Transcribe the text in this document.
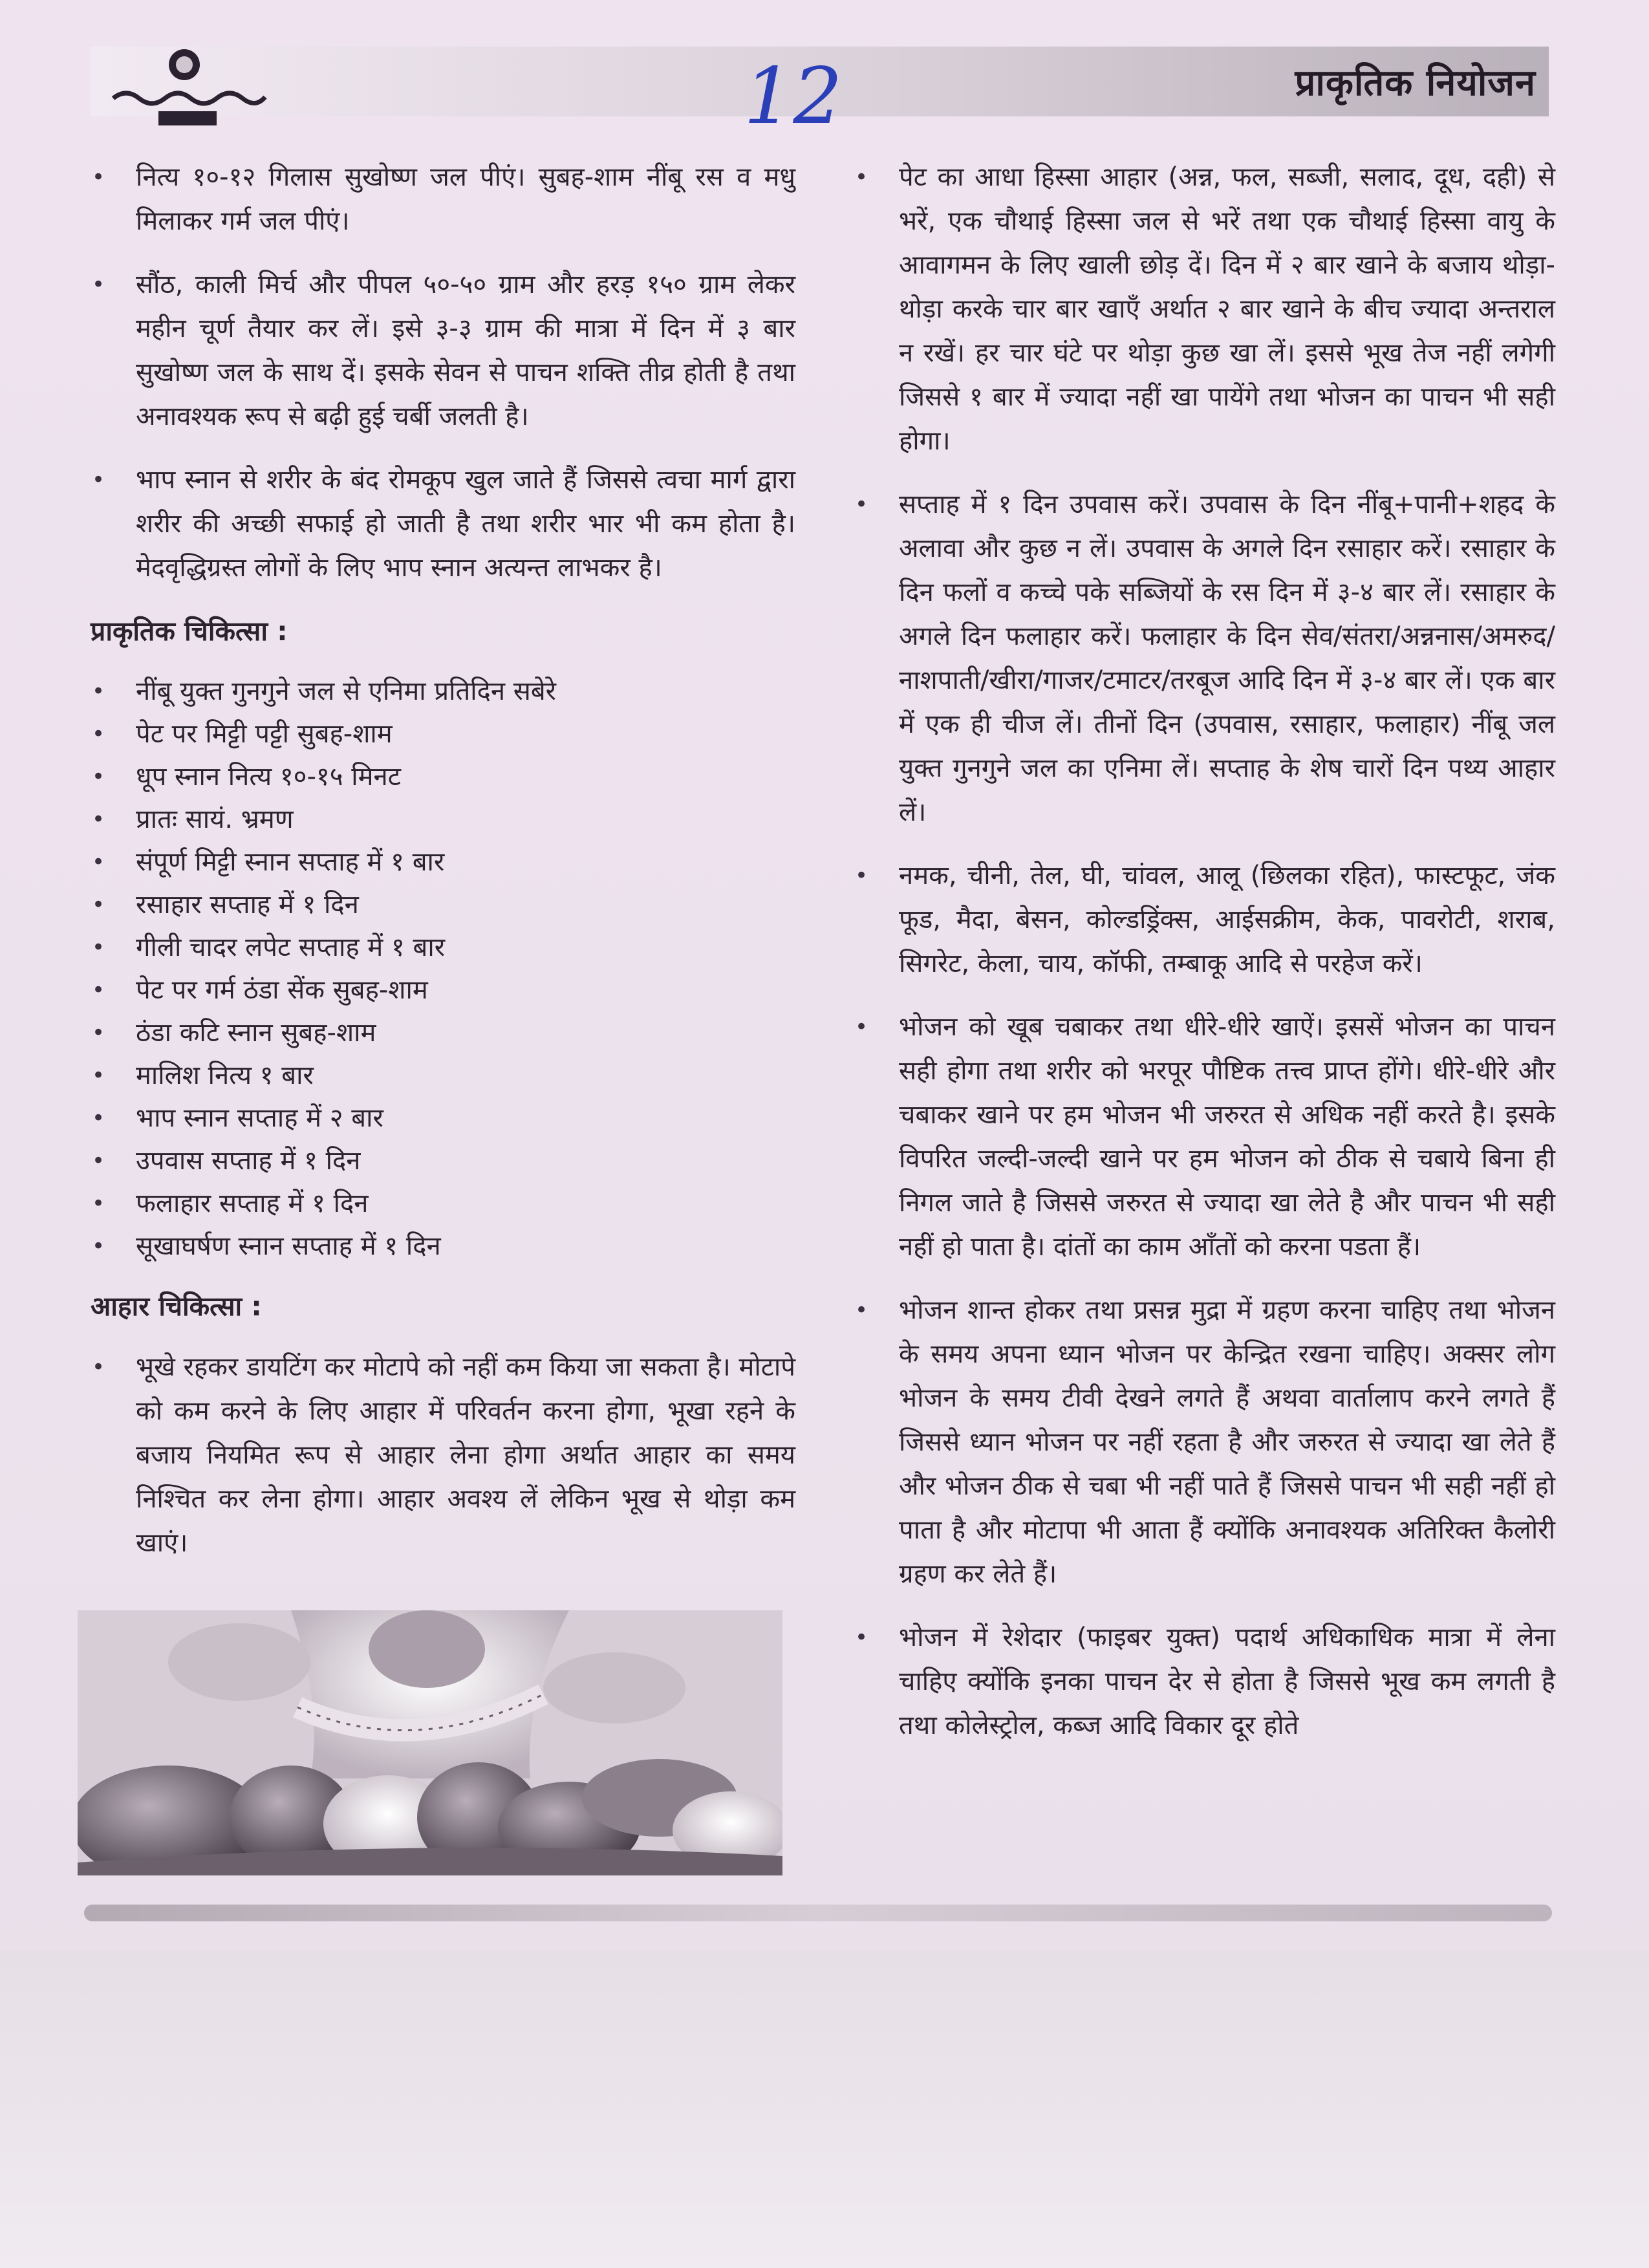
12	प्राकृतिक नियोजन
• नित्य १०-१२ गिलास सुखोष्ण जल पीएं। सुबह-शाम नींबू रस व मधु मिलाकर गर्म जल पीएं।
• सौंठ, काली मिर्च और पीपल ५०-५० ग्राम और हरड़ १५० ग्राम लेकर महीन चूर्ण तैयार कर लें। इसे ३-३ ग्राम की मात्रा में दिन में ३ बार सुखोष्ण जल के साथ दें। इसके सेवन से पाचन शक्ति तीव्र होती है तथा अनावश्यक रूप से बढ़ी हुई चर्बी जलती है।
• भाप स्नान से शरीर के बंद रोमकूप खुल जाते हैं जिससे त्वचा मार्ग द्वारा शरीर की अच्छी सफाई हो जाती है तथा शरीर भार भी कम होता है। मेदवृद्धिग्रस्त लोगों के लिए भाप स्नान अत्यन्त लाभकर है।
प्राकृतिक चिकित्सा :
• नींबू युक्त गुनगुने जल से एनिमा प्रतिदिन सबेरे
• पेट पर मिट्टी पट्टी सुबह-शाम
• धूप स्नान नित्य १०-१५ मिनट
• प्रातः सायं. भ्रमण
• संपूर्ण मिट्टी स्नान सप्ताह में १ बार
• रसाहार सप्ताह में १ दिन
• गीली चादर लपेट सप्ताह में १ बार
• पेट पर गर्म ठंडा सेंक सुबह-शाम
• ठंडा कटि स्नान सुबह-शाम
• मालिश नित्य १ बार
• भाप स्नान सप्ताह में २ बार
• उपवास सप्ताह में १ दिन
• फलाहार सप्ताह में १ दिन
• सूखाघर्षण स्नान सप्ताह में १ दिन
आहार चिकित्सा :
• भूखे रहकर डायटिंग कर मोटापे को नहीं कम किया जा सकता है। मोटापे को कम करने के लिए आहार में परिवर्तन करना होगा, भूखा रहने के बजाय नियमित रूप से आहार लेना होगा अर्थात आहार का समय निश्चित कर लेना होगा। आहार अवश्य लें लेकिन भूख से थोड़ा कम खाएं।
• पेट का आधा हिस्सा आहार (अन्न, फल, सब्जी, सलाद, दूध, दही) से भरें, एक चौथाई हिस्सा जल से भरें तथा एक चौथाई हिस्सा वायु के आवागमन के लिए खाली छोड़ दें। दिन में २ बार खाने के बजाय थोड़ा-थोड़ा करके चार बार खाएँ अर्थात २ बार खाने के बीच ज्यादा अन्तराल न रखें। हर चार घंटे पर थोड़ा कुछ खा लें। इससे भूख तेज नहीं लगेगी जिससे १ बार में ज्यादा नहीं खा पायेंगे तथा भोजन का पाचन भी सही होगा।
• सप्ताह में १ दिन उपवास करें। उपवास के दिन नींबू+पानी+शहद के अलावा और कुछ न लें। उपवास के अगले दिन रसाहार करें। रसाहार के दिन फलों व कच्चे पके सब्जियों के रस दिन में ३-४ बार लें। रसाहार के अगले दिन फलाहार करें। फलाहार के दिन सेव/संतरा/अन्ननास/अमरुद/नाशपाती/खीरा/गाजर/टमाटर/तरबूज आदि दिन में ३-४ बार लें। एक बार में एक ही चीज लें। तीनों दिन (उपवास, रसाहार, फलाहार) नींबू जल युक्त गुनगुने जल का एनिमा लें। सप्ताह के शेष चारों दिन पथ्य आहार लें।
• नमक, चीनी, तेल, घी, चांवल, आलू (छिलका रहित), फास्टफूट, जंक फूड, मैदा, बेसन, कोल्डड्रिंक्स, आईसक्रीम, केक, पावरोटी, शराब, सिगरेट, केला, चाय, कॉफी, तम्बाकू आदि से परहेज करें।
• भोजन को खूब चबाकर तथा धीरे-धीरे खाऐं। इससें भोजन का पाचन सही होगा तथा शरीर को भरपूर पौष्टिक तत्त्व प्राप्त होंगे। धीरे-धीरे और चबाकर खाने पर हम भोजन भी जरुरत से अधिक नहीं करते है। इसके विपरित जल्दी-जल्दी खाने पर हम भोजन को ठीक से चबाये बिना ही निगल जाते है जिससे जरुरत से ज्यादा खा लेते है और पाचन भी सही नहीं हो पाता है। दांतों का काम आँतों को करना पडता हैं।
• भोजन शान्त होकर तथा प्रसन्न मुद्रा में ग्रहण करना चाहिए तथा भोजन के समय अपना ध्यान भोजन पर केन्द्रित रखना चाहिए। अक्सर लोग भोजन के समय टीवी देखने लगते हैं अथवा वार्तालाप करने लगते हैं जिससे ध्यान भोजन पर नहीं रहता है और जरुरत से ज्यादा खा लेते हैं और भोजन ठीक से चबा भी नहीं पाते हैं जिससे पाचन भी सही नहीं हो पाता है और मोटापा भी आता हैं क्योंकि अनावश्यक अतिरिक्त कैलोरी ग्रहण कर लेते हैं।
• भोजन में रेशेदार (फाइबर युक्त) पदार्थ अधिकाधिक मात्रा में लेना चाहिए क्योंकि इनका पाचन देर से होता है जिससे भूख कम लगती है तथा कोलेस्ट्रोल, कब्ज आदि विकार दूर होते
